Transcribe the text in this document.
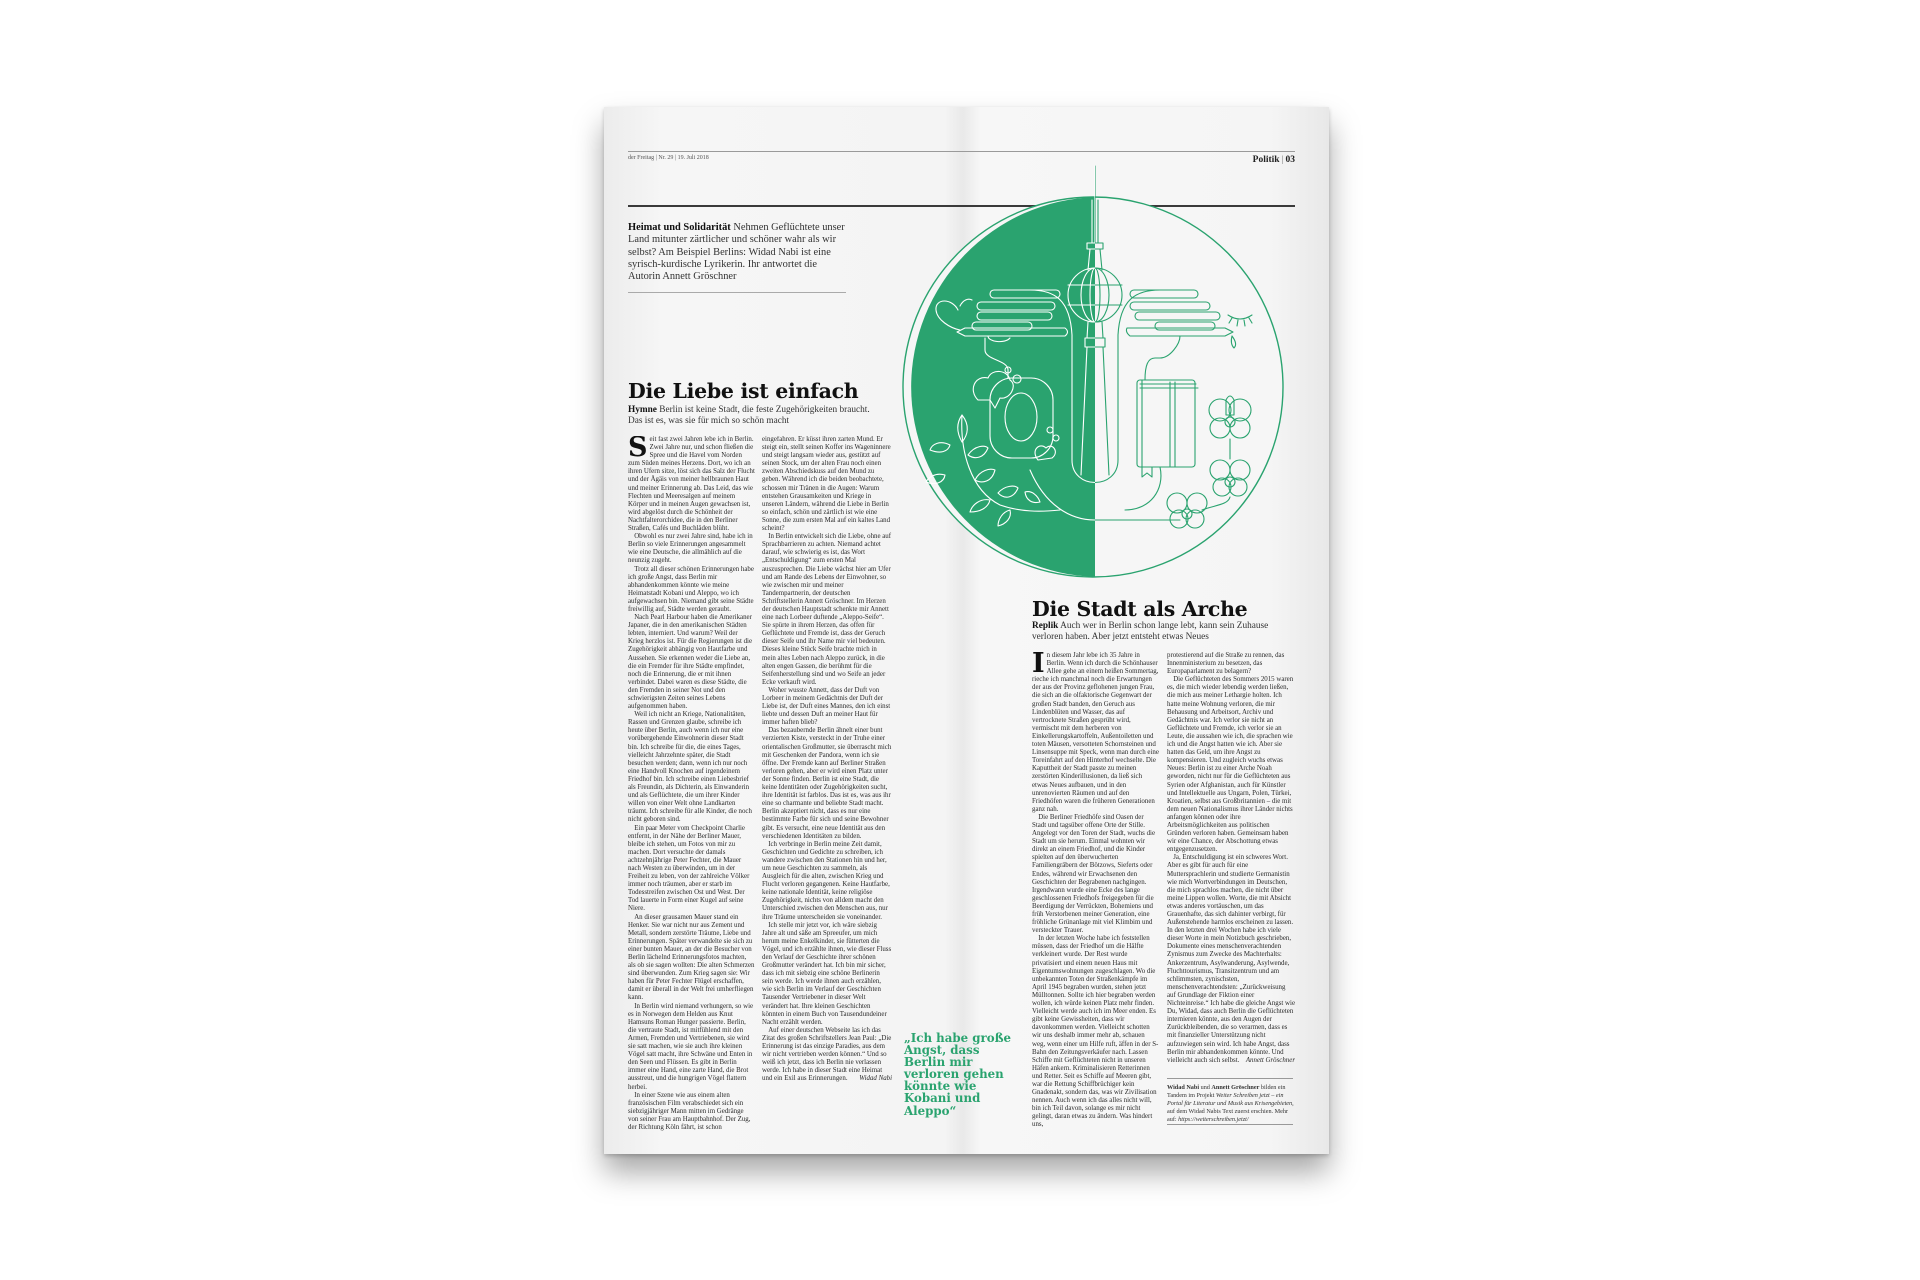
der Freitag | Nr. 29 | 19. Juli 2018	Politik | 03
Heimat und Solidarität Nehmen Geflüchtete unser Land mitunter zärtlicher und schöner wahr als wir selbst? Am Beispiel Berlins: Widad Nabi ist eine syrisch-kurdische Lyrikerin. Ihr antwortet die Autorin Annett Gröschner
Die Liebe ist einfach
Hymne Berlin ist keine Stadt, die feste Zugehörigkeiten braucht. Das ist es, was sie für mich so schön macht

Seit fast zwei Jahren lebe ich in Berlin. Zwei Jahre nur, und schon fließen die Spree und die Havel vom Norden zum Süden meines Herzens. Dort, wo ich an ihren Ufern sitze, löst sich das Salz der Flucht und der Ägäis von meiner hellbraunen Haut und meiner Erinnerung ab. Das Leid, das wie Flechten und Meeresalgen auf meinem Körper und in meinen Augen gewachsen ist, wird abgelöst durch die Schönheit der Nachtfalterorchidee, die in den Berliner Straßen, Cafés und Buchläden blüht.

Obwohl es nur zwei Jahre sind, habe ich in Berlin so viele Erinnerungen angesammelt wie eine Deutsche, die allmählich auf die neunzig zugeht.

Trotz all dieser schönen Erinnerungen habe ich große Angst, dass Berlin mir abhandenkommen könnte wie meine Heimatstadt Kobani und Aleppo, wo ich aufgewachsen bin. Niemand gibt seine Städte freiwillig auf, Städte werden geraubt.

Nach Pearl Harbour haben die Amerikaner Japaner, die in den amerikanischen Städten lebten, interniert. Und warum? Weil der Krieg herzlos ist. Für die Regierungen ist die Zugehörigkeit abhängig von Hautfarbe und Aussehen. Sie erkennen weder die Liebe an, die ein Fremder für ihre Städte empfindet, noch die Erinnerung, die er mit ihnen verbindet. Dabei waren es diese Städte, die den Fremden in seiner Not und den schwierigsten Zeiten seines Lebens aufgenommen haben.

Weil ich nicht an Kriege, Nationalitäten, Rassen und Grenzen glaube, schreibe ich heute über Berlin, auch wenn ich nur eine vorübergehende Einwohnerin dieser Stadt bin. Ich schreibe für die, die eines Tages, vielleicht Jahrzehnte später, die Stadt besuchen werden; dann, wenn ich nur noch eine Handvoll Knochen auf irgendeinem Friedhof bin. Ich schreibe einen Liebesbrief als Freundin, als Dichterin, als Einwanderin und als Geflüchtete, die um ihrer Kinder willen von einer Welt ohne Landkarten träumt. Ich schreibe für alle Kinder, die noch nicht geboren sind.

Ein paar Meter vom Checkpoint Charlie entfernt, in der Nähe der Berliner Mauer, bleibe ich stehen, um Fotos von mir zu machen. Dort versuchte der damals achtzehnjährige Peter Fechter, die Mauer nach Westen zu überwinden, um in der Freiheit zu leben, von der zahlreiche Völker immer noch träumen, aber er starb im Todesstreifen zwischen Ost und West. Der Tod lauerte in Form einer Kugel auf seine Niere.

An dieser grausamen Mauer stand ein Henker. Sie war nicht nur aus Zement und Metall, sondern zerstörte Träume, Liebe und Erinnerungen. Später verwandelte sie sich zu einer bunten Mauer, an der die Besucher von Berlin lächelnd Erinnerungsfotos machten, als ob sie sagen wollten: Die alten Schmerzen sind überwunden. Zum Krieg sagen sie: Wir haben für Peter Fechter Flügel erschaffen, damit er überall in der Welt frei umherfliegen kann.

In Berlin wird niemand verhungern, so wie es in Norwegen dem Helden aus Knut Hamsuns Roman Hunger passierte. Berlin, die vertraute Stadt, ist mitfühlend mit den Armen, Fremden und Vertriebenen, sie wird sie satt machen, wie sie auch ihre kleinen Vögel satt macht, ihre Schwäne und Enten in den Seen und Flüssen. Es gibt in Berlin immer eine Hand, eine zarte Hand, die Brot ausstreut, und die hungrigen Vögel flattern herbei.

In einer Szene wie aus einem alten französischen Film verabschiedet sich ein siebzigjähriger Mann mitten im Gedränge von seiner Frau am Hauptbahnhof. Der Zug, der Richtung Köln fährt, ist schon

eingefahren. Er küsst ihren zarten Mund. Er steigt ein, stellt seinen Koffer ins Wageninnere und steigt langsam wieder aus, gestützt auf seinen Stock, um der alten Frau noch einen zweiten Abschiedskuss auf den Mund zu geben. Während ich die beiden beobachtete, schossen mir Tränen in die Augen: Warum entstehen Grausamkeiten und Kriege in unseren Ländern, während die Liebe in Berlin so einfach, schön und zärtlich ist wie eine Sonne, die zum ersten Mal auf ein kaltes Land scheint?

In Berlin entwickelt sich die Liebe, ohne auf Sprachbarrieren zu achten. Niemand achtet darauf, wie schwierig es ist, das Wort „Entschuldigung“ zum ersten Mal auszusprechen. Die Liebe wächst hier am Ufer und am Rande des Lebens der Einwohner, so wie zwischen mir und meiner Tandempartnerin, der deutschen Schriftstellerin Annett Gröschner. Im Herzen der deutschen Hauptstadt schenkte mir Annett eine nach Lorbeer duftende „Aleppo-Seife“. Sie spürte in ihrem Herzen, das offen für Geflüchtete und Fremde ist, dass der Geruch dieser Seife und ihr Name mir viel bedeuten. Dieses kleine Stück Seife brachte mich in mein altes Leben nach Aleppo zurück, in die alten engen Gassen, die berühmt für die Seifenherstellung sind und wo Seife an jeder Ecke verkauft wird.

Woher wusste Annett, dass der Duft von Lorbeer in meinem Gedächtnis der Duft der Liebe ist, der Duft eines Mannes, den ich einst liebte und dessen Duft an meiner Haut für immer haften blieb?

Das bezaubernde Berlin ähnelt einer bunt verzierten Kiste, versteckt in der Truhe einer orientalischen Großmutter, sie überrascht mich mit Geschenken der Pandora, wenn ich sie öffne. Der Fremde kann auf Berliner Straßen verloren gehen, aber er wird einen Platz unter der Sonne finden. Berlin ist eine Stadt, die keine Identitäten oder Zugehörigkeiten sucht, ihre Identität ist farblos. Das ist es, was aus ihr eine so charmante und beliebte Stadt macht. Berlin akzeptiert nicht, dass es nur eine bestimmte Farbe für sich und seine Bewohner gibt. Es versucht, eine neue Identität aus den verschiedenen Identitäten zu bilden.

Ich verbringe in Berlin meine Zeit damit, Geschichten und Gedichte zu schreiben, ich wandere zwischen den Stationen hin und her, um neue Geschichten zu sammeln, als Ausgleich für die alten, zwischen Krieg und Flucht verloren gegangenen. Keine Hautfarbe, keine nationale Identität, keine religiöse Zugehörigkeit, nichts von alldem macht den Unterschied zwischen den Menschen aus, nur ihre Träume unterscheiden sie voneinander.

Ich stelle mir jetzt vor, ich wäre siebzig Jahre alt und säße am Spreeufer, um mich herum meine Enkelkinder, sie fütterten die Vögel, und ich erzählte ihnen, wie dieser Fluss den Verlauf der Geschichte ihrer schönen Großmutter verändert hat. Ich bin mir sicher, dass ich mit siebzig eine schöne Berlinerin sein werde. Ich werde ihnen auch erzählen, wie sich Berlin im Verlauf der Geschichten Tausender Vertriebener in dieser Welt verändert hat. Ihre kleinen Geschichten könnten in einem Buch von Tausendundeiner Nacht erzählt werden.

Auf einer deutschen Webseite las ich das Zitat des großen Schriftstellers Jean Paul: „Die Erinnerung ist das einzige Paradies, aus dem wir nicht vertrieben werden können.“ Und so weiß ich jetzt, dass ich Berlin nie verlassen werde. Ich habe in dieser Stadt eine Heimat und ein Exil aus Erinnerungen.	Widad Nabi

„Ich habe große Angst, dass Berlin mir verloren gehen könnte wie Kobani und Aleppo“
Die Stadt als Arche
Replik Auch wer in Berlin schon lange lebt, kann sein Zuhause verloren haben. Aber jetzt entsteht etwas Neues

In diesem Jahr lebe ich 35 Jahre in Berlin. Wenn ich durch die Schönhauser Allee gehe an einem heißen Sommertag, rieche ich manchmal noch die Erwartungen der aus der Provinz geflohenen jungen Frau, die sich an die olfaktorische Gegenwart der großen Stadt banden, den Geruch aus Lindenblüten und Wasser, das auf vertrocknete Straßen gesprüht wird, vermischt mit dem herberen von Einkellerungskartoffeln, Außentoiletten und toten Mäusen, versotteten Schornsteinen und Linsensuppe mit Speck, wenn man durch eine Toreinfahrt auf den Hinterhof wechselte. Die Kaputtheit der Stadt passte zu meinen zerstörten Kinderillusionen, da ließ sich etwas Neues aufbauen, und in den unrenovierten Räumen und auf den Friedhöfen waren die früheren Generationen ganz nah.

Die Berliner Friedhöfe sind Oasen der Stadt und tagsüber offene Orte der Stille. Angelegt vor den Toren der Stadt, wuchs die Stadt um sie herum. Einmal wohnten wir direkt an einem Friedhof, und die Kinder spielten auf den überwucherten Familiengräbern der Bötzows, Sieferts oder Endes, während wir Erwachsenen den Geschichten der Begrabenen nachgingen. Irgendwann wurde eine Ecke des lange geschlossenen Friedhofs freigegeben für die Beerdigung der Verrückten, Bohemiens und früh Verstorbenen meiner Generation, eine fröhliche Grünanlage mit viel Klimbim und versteckter Trauer.

In der letzten Woche habe ich feststellen müssen, dass der Friedhof um die Hälfte verkleinert wurde. Der Rest wurde privatisiert und einem neuen Haus mit Eigentumswohnungen zugeschlagen. Wo die unbekannten Toten der Straßenkämpfe im April 1945 begraben wurden, stehen jetzt Mülltonnen. Sollte ich hier begraben werden wollen, ich würde keinen Platz mehr finden. Vielleicht werde auch ich im Meer enden. Es gibt keine Gewissheiten, dass wir davonkommen werden. Vielleicht schotten wir uns deshalb immer mehr ab, schauen weg, wenn einer um Hilfe ruft, äffen in der S-Bahn den Zeitungsverkäufer nach. Lassen Schiffe mit Geflüchteten nicht in unseren Häfen ankern. Kriminalisieren Retterinnen und Retter. Seit es Schiffe auf Meeren gibt, war die Rettung Schiffbrüchiger kein Gnadenakt, sondern das, was wir Zivilisation nennen. Auch wenn ich das alles nicht will, bin ich Teil davon, solange es mir nicht gelingt, daran etwas zu ändern. Was hindert uns,

protestierend auf die Straße zu rennen, das Innenministerium zu besetzen, das Europaparlament zu belagern?

Die Geflüchteten des Sommers 2015 waren es, die mich wieder lebendig werden ließen, die mich aus meiner Lethargie holten. Ich hatte meine Wohnung verloren, die mir Behausung und Arbeitsort, Archiv und Gedächtnis war. Ich verlor sie nicht an Geflüchtete und Fremde, ich verlor sie an Leute, die aussahen wie ich, die sprachen wie ich und die Angst hatten wie ich. Aber sie hatten das Geld, um ihre Angst zu kompensieren. Und zugleich wuchs etwas Neues: Berlin ist zu einer Arche Noah geworden, nicht nur für die Geflüchteten aus Syrien oder Afghanistan, auch für Künstler und Intellektuelle aus Ungarn, Polen, Türkei, Kroatien, selbst aus Großbritannien – die mit dem neuen Nationalismus ihrer Länder nichts anfangen können oder ihre Arbeitsmöglichkeiten aus politischen Gründen verloren haben. Gemeinsam haben wir eine Chance, der Abschottung etwas entgegenzusetzen.

Ja, Entschuldigung ist ein schweres Wort. Aber es gibt für auch für eine Muttersprachlerin und studierte Germanistin wie mich Wortverbindungen im Deutschen, die mich sprachlos machen, die nicht über meine Lippen wollen. Worte, die mit Absicht etwas anderes vortäuschen, um das Grauenhafte, das sich dahinter verbirgt, für Außenstehende harmlos erscheinen zu lassen. In den letzten drei Wochen habe ich viele dieser Worte in mein Notizbuch geschrieben, Dokumente eines menschenverachtenden Zynismus zum Zwecke des Machterhalts: Ankerzentrum, Asylwanderung, Asylwende, Fluchttourismus, Transitzentrum und am schlimmsten, zynischsten, menschenverachtendsten: „Zurückweisung auf Grundlage der Fiktion einer Nichteinreise.“ Ich habe die gleiche Angst wie Du, Widad, dass auch Berlin die Geflüchteten internieren könnte, aus den Augen der Zurückbleibenden, die so verarmen, dass es mit finanzieller Unterstützung nicht aufzuwiegen sein wird. Ich habe Angst, dass Berlin mir abhandenkommen könnte. Und vielleicht auch sich selbst. Annett Gröschner

Widad Nabi und Annett Gröschner bilden ein Tandem im Projekt Weiter Schreiben jetzt – ein Portal für Literatur und Musik aus Krisengebieten, auf dem Widad Nabis Text zuerst erschien. Mehr auf: https://weiterschreiben.jetzt/
